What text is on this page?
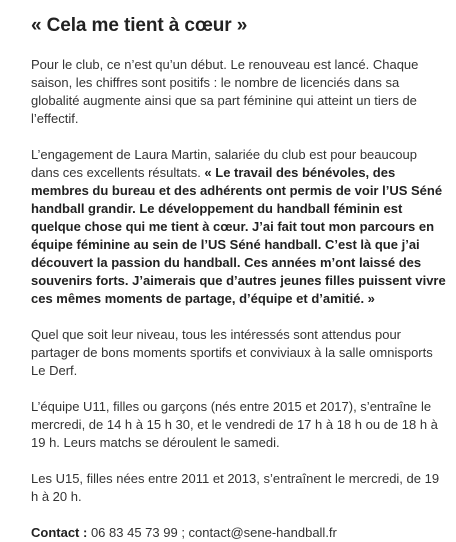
« Cela me tient à cœur »

Pour le club, ce n’est qu’un début. Le renouveau est lancé. Chaque saison, les chiffres sont positifs : le nombre de licenciés dans sa globalité augmente ainsi que sa part féminine qui atteint un tiers de l’effectif.

L’engagement de Laura Martin, salariée du club est pour beaucoup dans ces excellents résultats. « Le travail des bénévoles, des membres du bureau et des adhérents ont permis de voir l’US Séné handball grandir. Le développement du handball féminin est quelque chose qui me tient à cœur. J’ai fait tout mon parcours en équipe féminine au sein de l’US Séné handball. C’est là que j’ai découvert la passion du handball. Ces années m’ont laissé des souvenirs forts. J’aimerais que d’autres jeunes filles puissent vivre ces mêmes moments de partage, d’équipe et d’amitié. »

Quel que soit leur niveau, tous les intéressés sont attendus pour partager de bons moments sportifs et conviviaux à la salle omnisports Le Derf.

L’équipe U11, filles ou garçons (nés entre 2015 et 2017), s’entraîne le mercredi, de 14 h à 15 h 30, et le vendredi de 17 h à 18 h ou de 18 h à 19 h. Leurs matchs se déroulent le samedi.

Les U15, filles nées entre 2011 et 2013, s’entraînent le mercredi, de 19 h à 20 h.

Contact : 06 83 45 73 99 ; contact@sene-handball.fr
